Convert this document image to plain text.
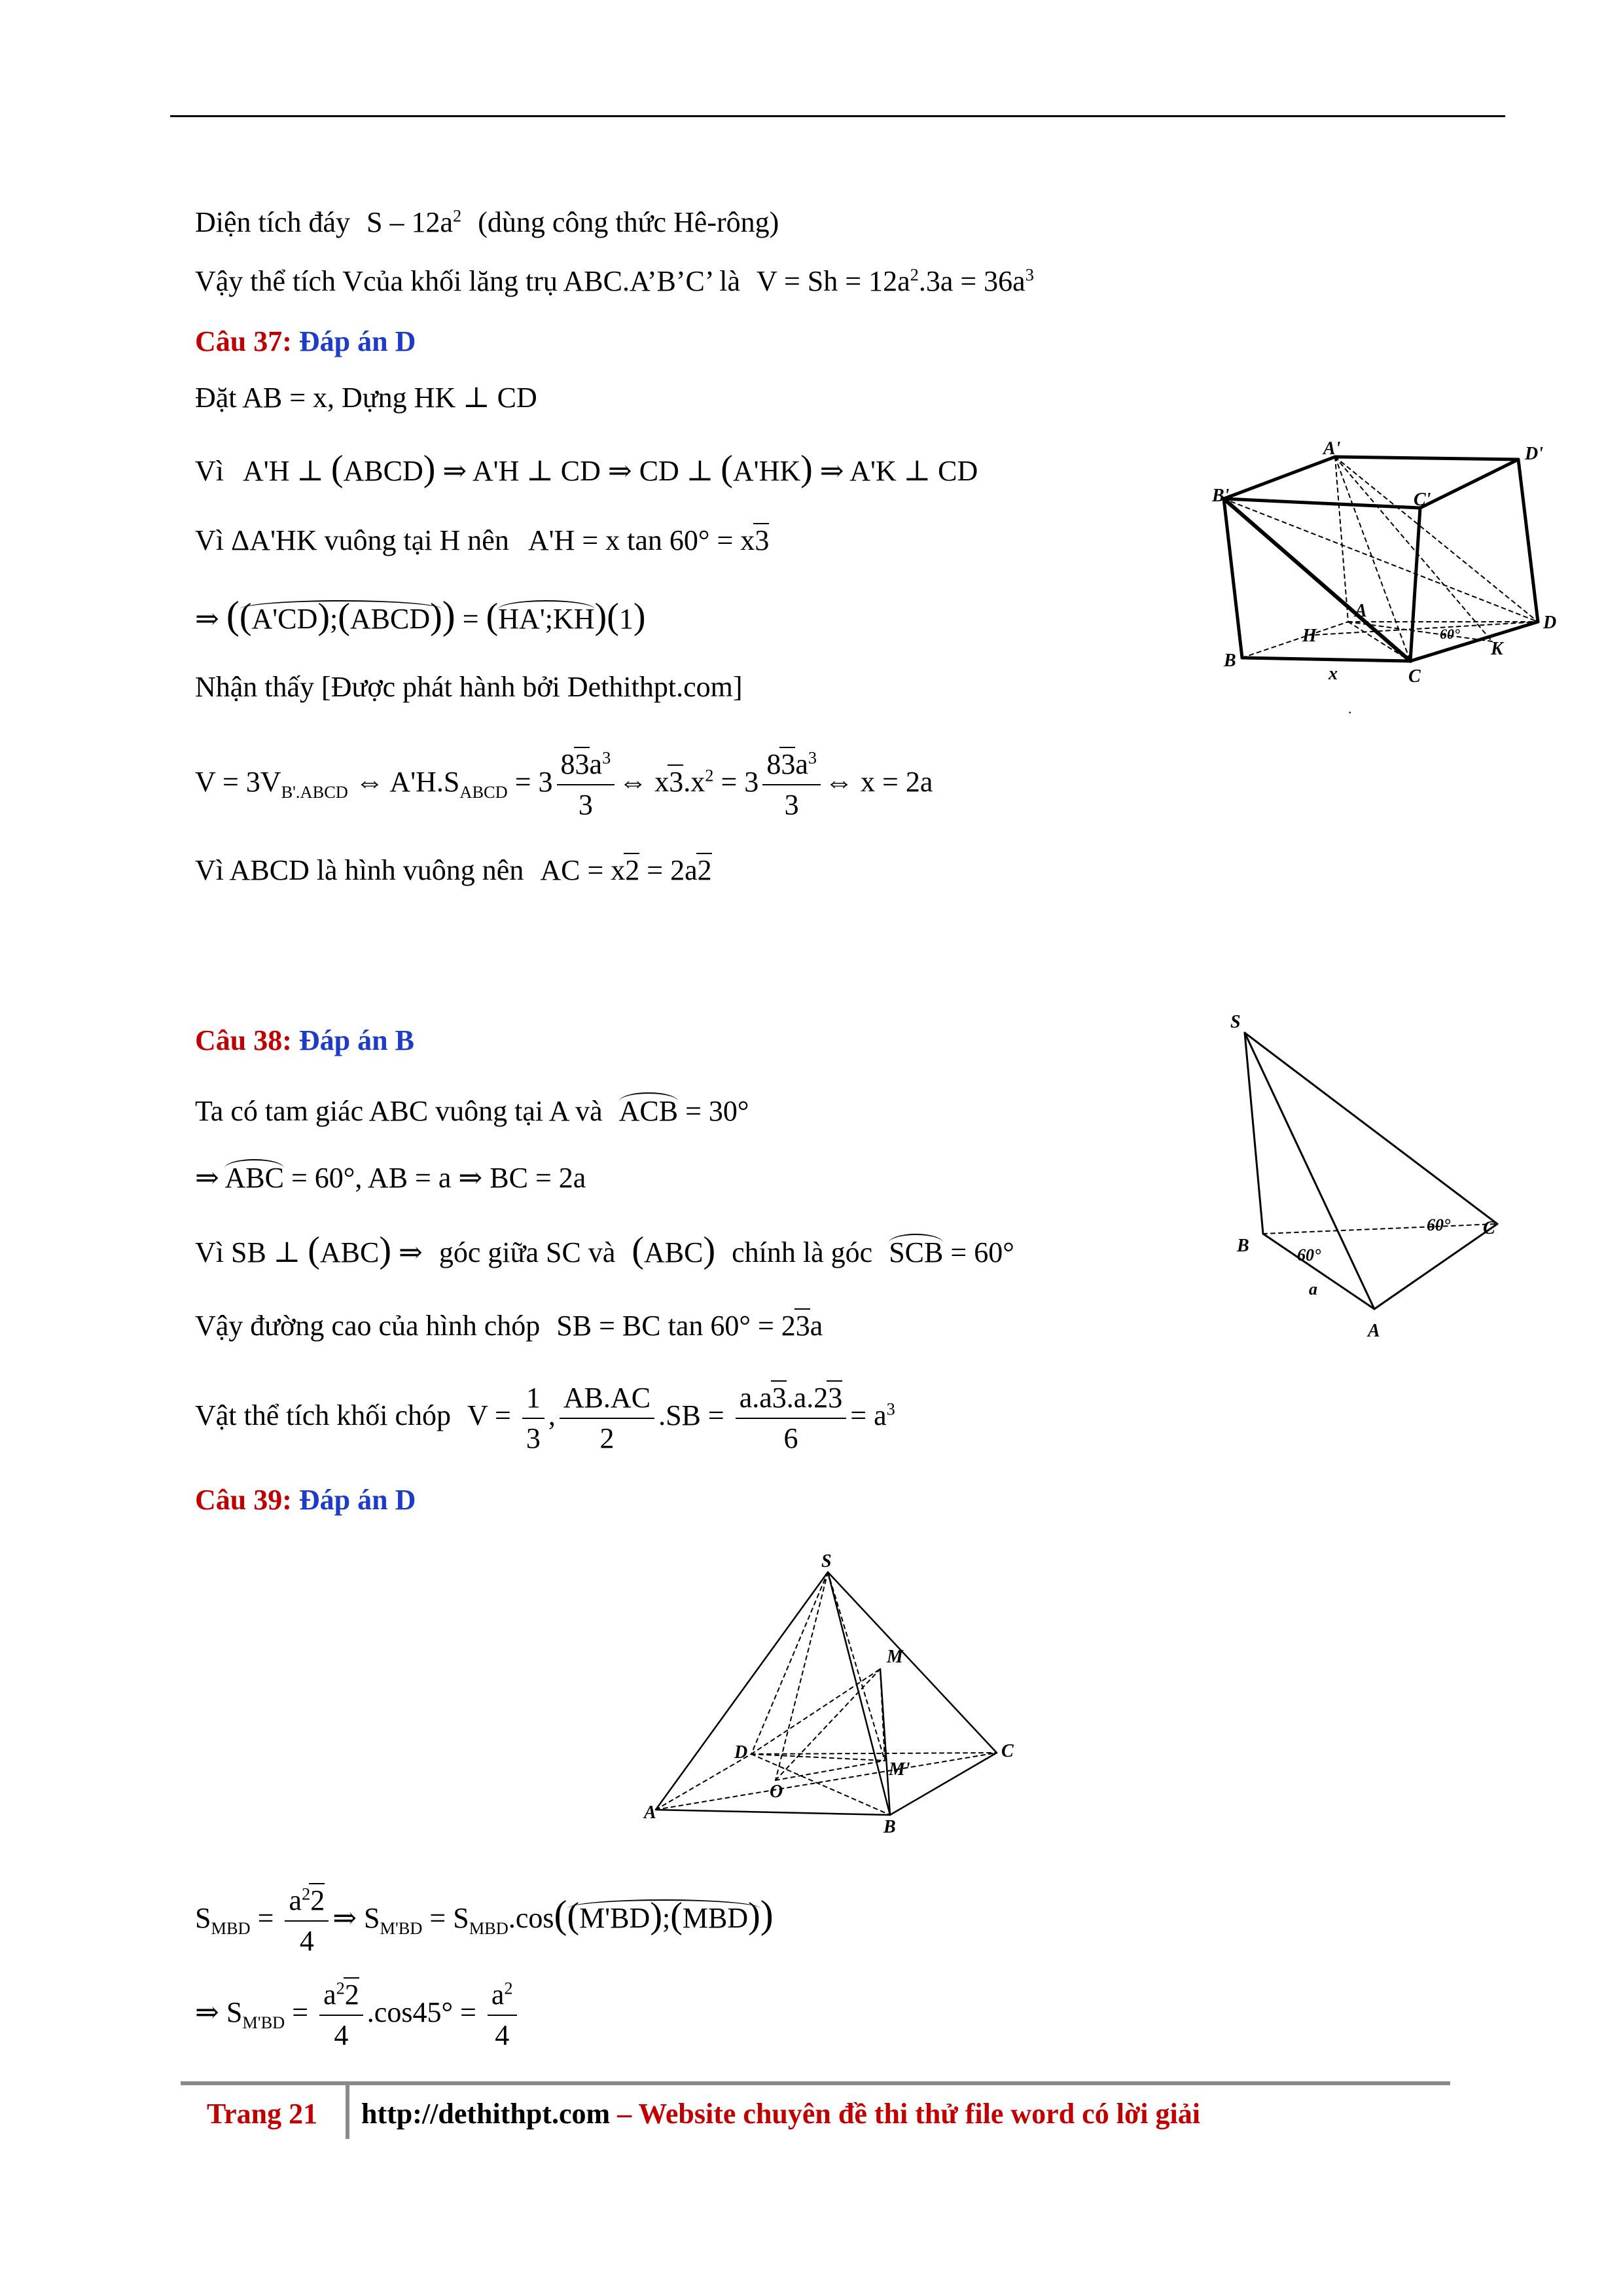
Diện tích đáy S – $12a^2$ (dùng công thức Hê-rông)
Vậy thể tích Vcủa khối lăng trụ ABC.A’B’C’ là $V = Sh = 12a^2.3a = 36a^3$
Câu 37: Đáp án D
Đặt AB = x, Dựng HK ⊥ CD
Vì A'H ⊥ (ABCD) ⇒ A'H ⊥ CD ⇒ CD ⊥ (A'HK) ⇒ A'K ⊥ CD
Vì ΔA'HK vuông tại H nên A'H = x tan 60° = x3
⇒ ((A'CD);(ABCD)) = (HA';KH)(1)
Nhận thấy [Được phát hành bởi Dethithpt.com]
$V = 3V_{B'.ABCD}$ ⇔ $A'H.S_{ABCD} = 3 \frac{83a^3}{3}$ ⇔ $x3.x^2 = 3 \frac{83a^3}{3}$ ⇔ x = 2a
Vì ABCD là hình vuông nên AC = x2 = 2a2
B'
A'
C'
D'
A
H
B
x	C
K
D
60°
.
Câu 38: Đáp án B
Ta có tam giác ABC vuông tại A và ACB = 30°
⇒ ABC = 60°, AB = a ⇒ BC = 2a
Vì SB ⊥ (ABC) ⇒ góc giữa SC và (ABC) chính là góc SCB = 60°
Vậy đường cao của hình chóp SB = BC tan 60° = 23a
Vật thể tích khối chóp $V = \frac{1}{3}$ , $\frac{AB.AC}{2} .SB = \frac{a.a3.a.23}{6} = a^3$
S
B	60°
60° C
a
A
Câu 39: Đáp án D
S
M
D	C
M'
O
A
B
$S_{MBD} = \frac{a^22}{4}$ ⇒ $S_{M'BD}$ = $S_{MBD}.\cos((M'BD);(MBD))$
⇒ $S_{M'BD} = \frac{a^22}{4} .\cos 45^\circ = \frac{a^2}{4}$
Trang 21 http://dethithpt.com – Website chuyên đề thi thử file word có lời giải
